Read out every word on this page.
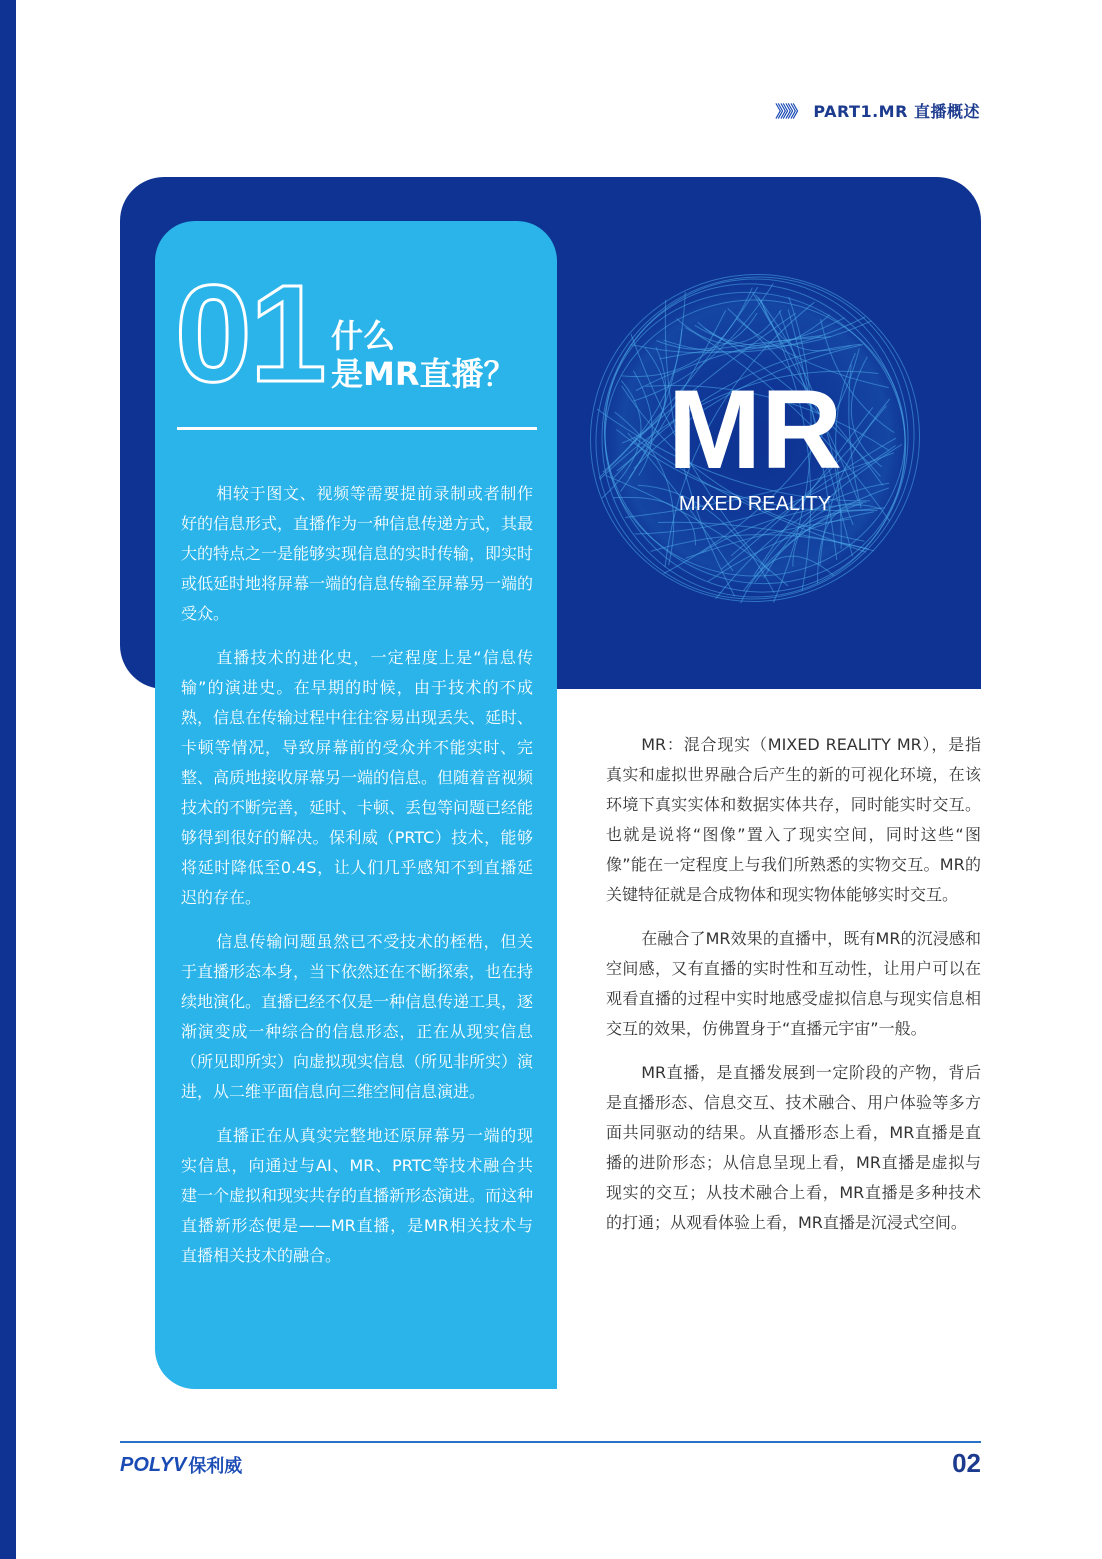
》》》》 PART1.MR 直播概述
MR
MIXED REALITY
01 什么
是MR直播？

相较于图文、视频等需要提前录制或者制作好的信息形式，直播作为一种信息传递方式，其最大的特点之一是能够实现信息的实时传输，即实时或低延时地将屏幕一端的信息传输至屏幕另一端的受众。

直播技术的进化史，一定程度上是“信息传输”的演进史。在早期的时候，由于技术的不成熟，信息在传输过程中往往容易出现丢失、延时、卡顿等情况，导致屏幕前的受众并不能实时、完整、高质地接收屏幕另一端的信息。但随着音视频技术的不断完善，延时、卡顿、丢包等问题已经能够得到很好的解决。保利威（PRTC）技术，能够将延时降低至0.4S，让人们几乎感知不到直播延迟的存在。

信息传输问题虽然已不受技术的桎梏，但关于直播形态本身，当下依然还在不断探索，也在持续地演化。直播已经不仅是一种信息传递工具，逐渐演变成一种综合的信息形态，正在从现实信息（所见即所实）向虚拟现实信息（所见非所实）演进，从二维平面信息向三维空间信息演进。

直播正在从真实完整地还原屏幕另一端的现实信息，向通过与AI、MR、PRTC等技术融合共建一个虚拟和现实共存的直播新形态演进。而这种直播新形态便是——MR直播，是MR相关技术与直播相关技术的融合。

MR：混合现实（MIXED REALITY MR），是指真实和虚拟世界融合后产生的新的可视化环境，在该环境下真实实体和数据实体共存，同时能实时交互。也就是说将“图像”置入了现实空间，同时这些“图像”能在一定程度上与我们所熟悉的实物交互。MR的关键特征就是合成物体和现实物体能够实时交互。

在融合了MR效果的直播中，既有MR的沉浸感和空间感，又有直播的实时性和互动性，让用户可以在观看直播的过程中实时地感受虚拟信息与现实信息相交互的效果，仿佛置身于“直播元宇宙”一般。

MR直播，是直播发展到一定阶段的产物，背后是直播形态、信息交互、技术融合、用户体验等多方面共同驱动的结果。从直播形态上看，MR直播是直播的进阶形态；从信息呈现上看，MR直播是虚拟与现实的交互；从技术融合上看，MR直播是多种技术的打通；从观看体验上看，MR直播是沉浸式空间。

POLYV 保利威	02
